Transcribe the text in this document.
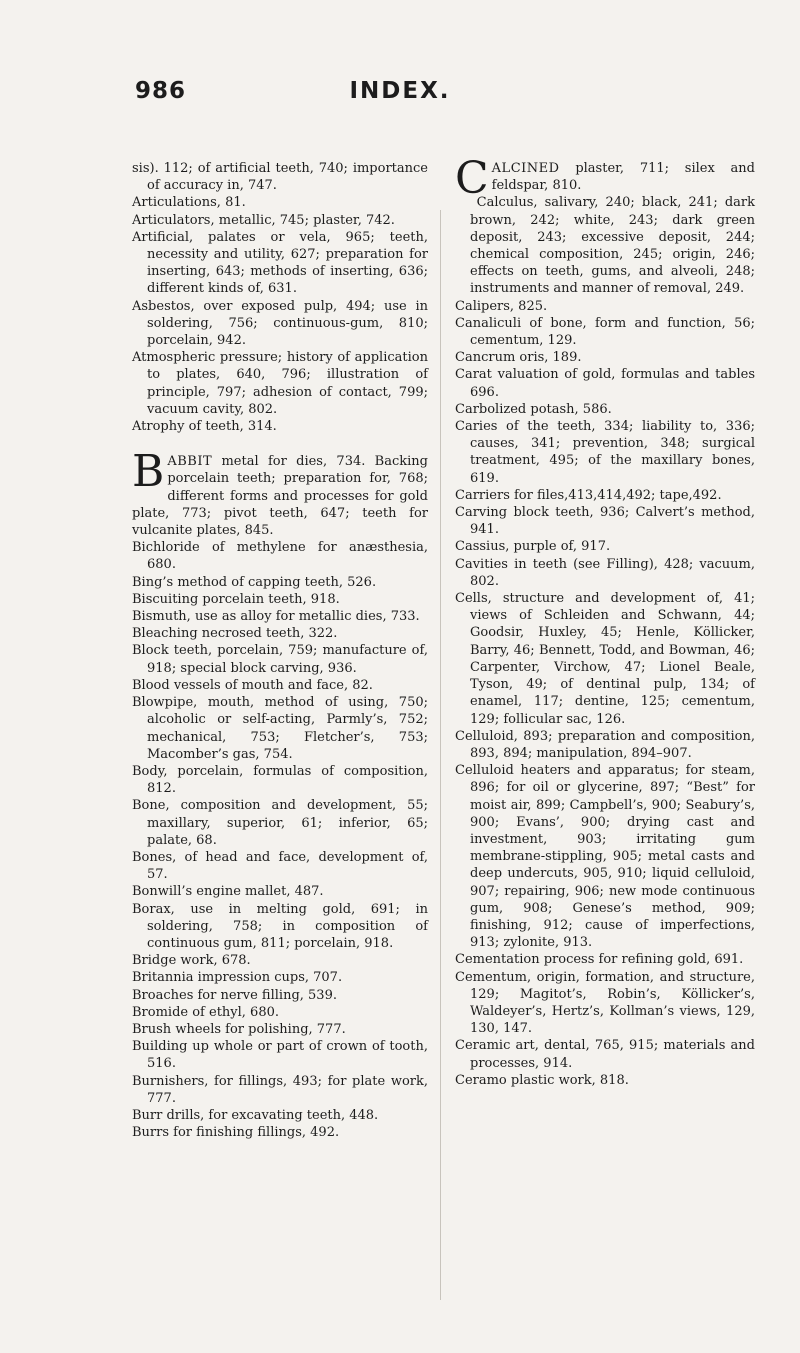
986	INDEX.

sis). 112; of artificial teeth, 740; importance of accuracy in, 747.

Articulations, 81.

Articulators, metallic, 745; plaster, 742.

Artificial, palates or vela, 965; teeth, necessity and utility, 627; preparation for inserting, 643; methods of inserting, 636; different kinds of, 631.

Asbestos, over exposed pulp, 494; use in soldering, 756; continuous-gum, 810; porcelain, 942.

Atmospheric pressure; history of application to plates, 640, 796; illustration of principle, 797; adhesion of contact, 799; vacuum cavity, 802.

Atrophy of teeth, 314.

BABBIT metal for dies, 734. Backing porcelain teeth; preparation for, 768; different forms and processes for gold plate, 773; pivot teeth, 647; teeth for vulcanite plates, 845.

Bichloride of methylene for anæsthesia, 680.

Bing’s method of capping teeth, 526.

Biscuiting porcelain teeth, 918.

Bismuth, use as alloy for metallic dies, 733.

Bleaching necrosed teeth, 322.

Block teeth, porcelain, 759; manufacture of, 918; special block carving, 936.

Blood vessels of mouth and face, 82.

Blowpipe, mouth, method of using, 750; alcoholic or self-acting, Parmly’s, 752; mechanical, 753; Fletcher’s, 753; Macomber’s gas, 754.

Body, porcelain, formulas of composition, 812.

Bone, composition and development, 55; maxillary, superior, 61; inferior, 65; palate, 68.

Bones, of head and face, development of, 57.

Bonwill’s engine mallet, 487.

Borax, use in melting gold, 691; in soldering, 758; in composition of continuous gum, 811; porcelain, 918.

Bridge work, 678.

Britannia impression cups, 707.

Broaches for nerve filling, 539.

Bromide of ethyl, 680.

Brush wheels for polishing, 777.

Building up whole or part of crown of tooth, 516.

Burnishers, for fillings, 493; for plate work, 777.

Burr drills, for excavating teeth, 448.

Burrs for finishing fillings, 492.

CALCINED plaster, 711; silex and feldspar, 810.

Calculus, salivary, 240; black, 241; dark brown, 242; white, 243; dark green deposit, 243; excessive deposit, 244; chemical composition, 245; origin, 246; effects on teeth, gums, and alveoli, 248; instruments and manner of removal, 249.

Calipers, 825.

Canaliculi of bone, form and function, 56; cementum, 129.

Cancrum oris, 189.

Carat valuation of gold, formulas and tables 696.

Carbolized potash, 586.

Caries of the teeth, 334; liability to, 336; causes, 341; prevention, 348; surgical treatment, 495; of the maxillary bones, 619.

Carriers for files,413,414,492; tape,492.

Carving block teeth, 936; Calvert’s method, 941.

Cassius, purple of, 917.

Cavities in teeth (see Filling), 428; vacuum, 802.

Cells, structure and development of, 41; views of Schleiden and Schwann, 44; Goodsir, Huxley, 45; Henle, Köllicker, Barry, 46; Bennett, Todd, and Bowman, 46; Carpenter, Virchow, 47; Lionel Beale, Tyson, 49; of dentinal pulp, 134; of enamel, 117; dentine, 125; cementum, 129; follicular sac, 126.

Celluloid, 893; preparation and composition, 893, 894; manipulation, 894–907.

Celluloid heaters and apparatus; for steam, 896; for oil or glycerine, 897; “Best” for moist air, 899; Campbell’s, 900; Seabury’s, 900; Evans’, 900; drying cast and investment, 903; irritating gum membrane-stippling, 905; metal casts and deep undercuts, 905, 910; liquid celluloid, 907; repairing, 906; new mode continuous gum, 908; Genese’s method, 909; finishing, 912; cause of imperfections, 913; zylonite, 913.

Cementation process for refining gold, 691.

Cementum, origin, formation, and structure, 129; Magitot’s, Robin’s, Köllicker’s, Waldeyer’s, Hertz’s, Kollman’s views, 129, 130, 147.

Ceramic art, dental, 765, 915; materials and processes, 914.

Ceramo plastic work, 818.
